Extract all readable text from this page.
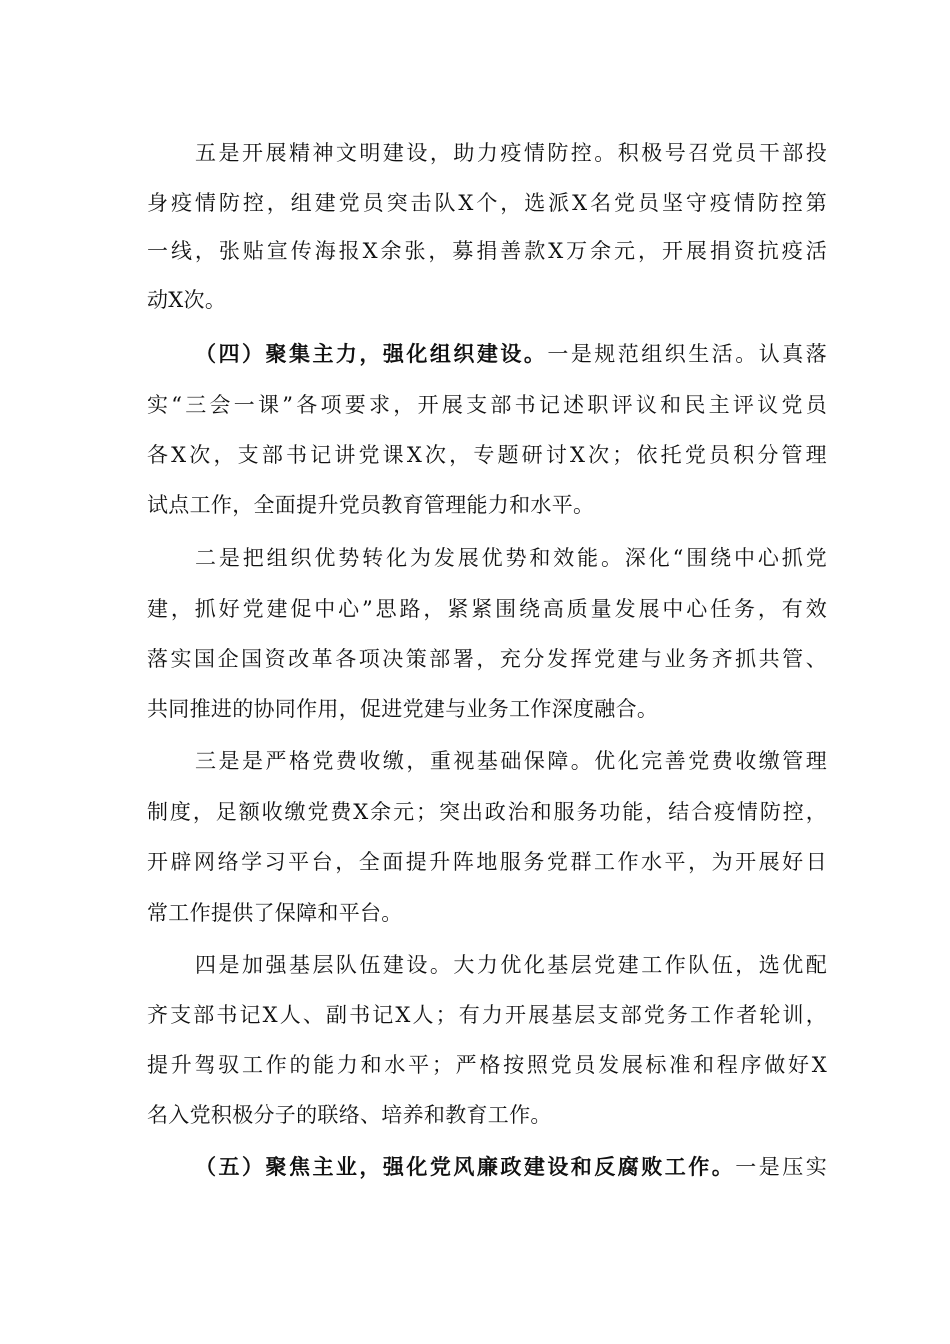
五是开展精神文明建设，助力疫情防控。积极号召党员干部投
身疫情防控，组建党员突击队X个，选派X名党员坚守疫情防控第
一线，张贴宣传海报X余张，募捐善款X万余元，开展捐资抗疫活
动X次。
（四）聚集主力，强化组织建设。一是规范组织生活。认真落
实“三会一课”各项要求，开展支部书记述职评议和民主评议党员
各X次，支部书记讲党课X次，专题研讨X次；依托党员积分管理
试点工作，全面提升党员教育管理能力和水平。
二是把组织优势转化为发展优势和效能。深化“围绕中心抓党
建，抓好党建促中心”思路，紧紧围绕高质量发展中心任务，有效
落实国企国资改革各项决策部署，充分发挥党建与业务齐抓共管、
共同推进的协同作用，促进党建与业务工作深度融合。
三是是严格党费收缴，重视基础保障。优化完善党费收缴管理
制度，足额收缴党费X余元；突出政治和服务功能，结合疫情防控，
开辟网络学习平台，全面提升阵地服务党群工作水平，为开展好日
常工作提供了保障和平台。
四是加强基层队伍建设。大力优化基层党建工作队伍，选优配
齐支部书记X人、副书记X人；有力开展基层支部党务工作者轮训，
提升驾驭工作的能力和水平；严格按照党员发展标准和程序做好X
名入党积极分子的联络、培养和教育工作。
（五）聚焦主业，强化党风廉政建设和反腐败工作。一是压实
